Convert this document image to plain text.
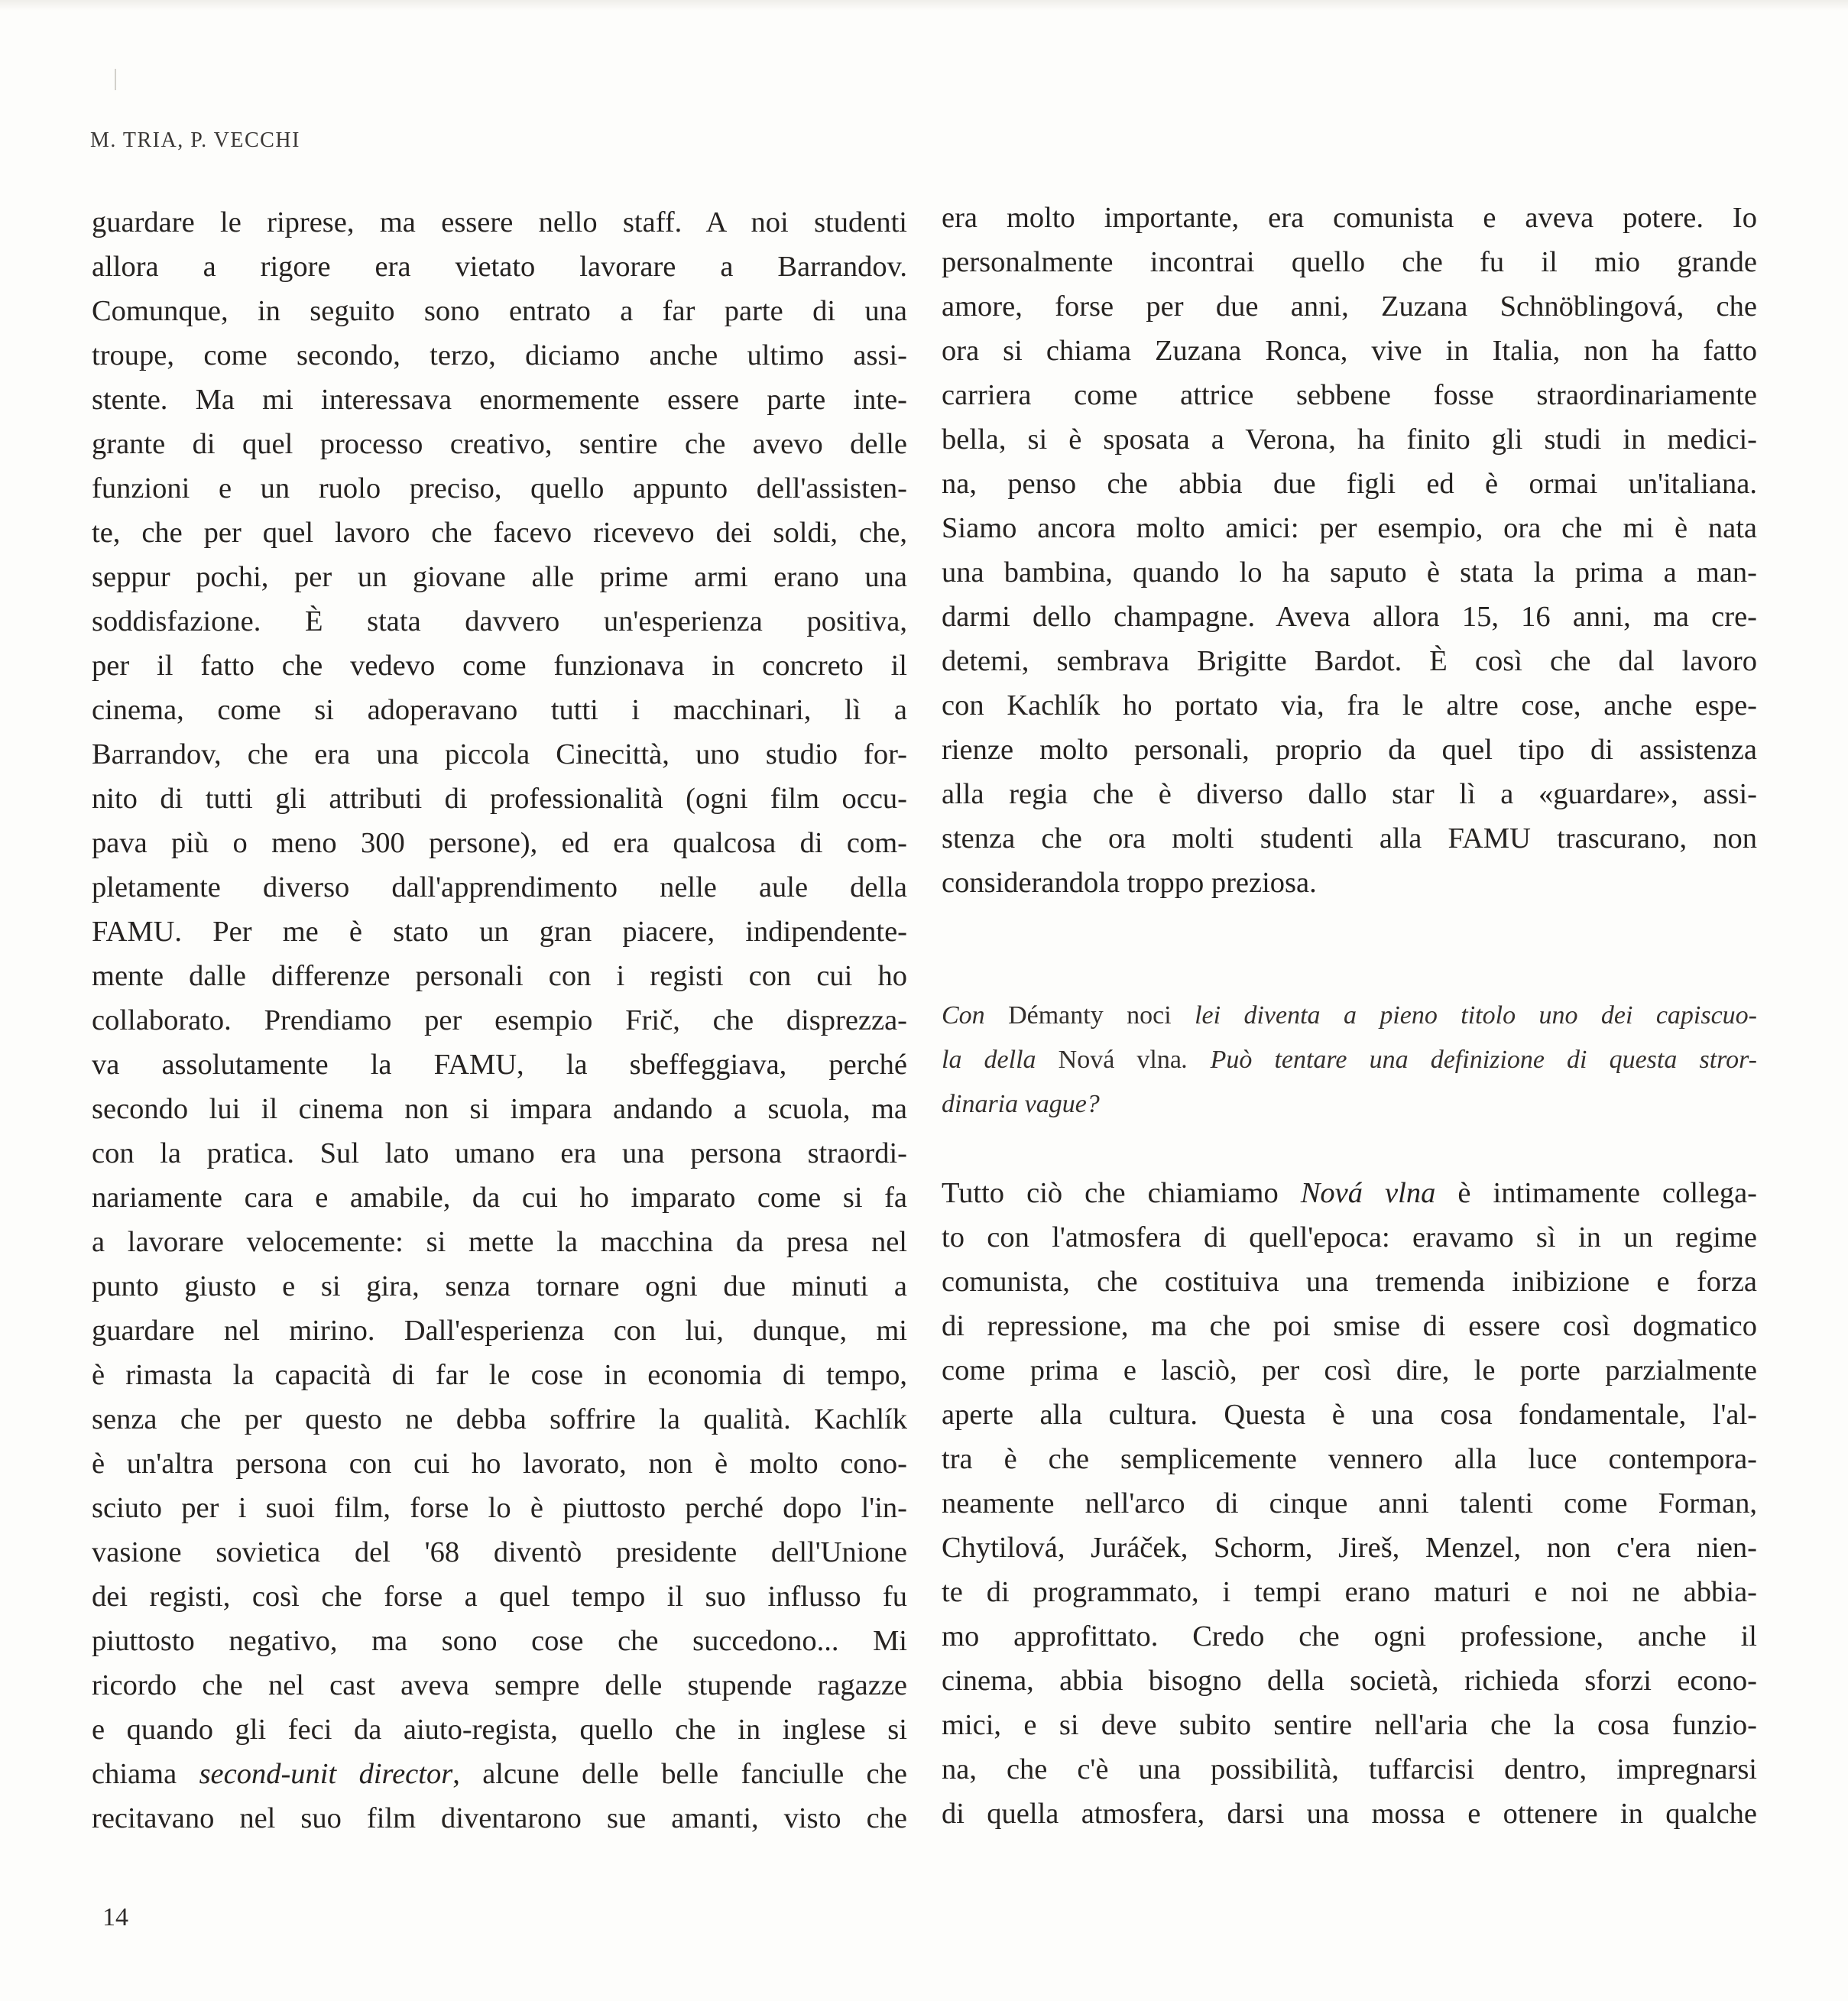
M. TRIA, P. VECCHI
guardare le riprese, ma essere nello staff. A noi studenti
allora a rigore era vietato lavorare a Barrandov.
Comunque, in seguito sono entrato a far parte di una
troupe, come secondo, terzo, diciamo anche ultimo assi-
stente. Ma mi interessava enormemente essere parte inte-
grante di quel processo creativo, sentire che avevo delle
funzioni e un ruolo preciso, quello appunto dell'assisten-
te, che per quel lavoro che facevo ricevevo dei soldi, che,
seppur pochi, per un giovane alle prime armi erano una
soddisfazione. È stata davvero un'esperienza positiva,
per il fatto che vedevo come funzionava in concreto il
cinema, come si adoperavano tutti i macchinari, lì a
Barrandov, che era una piccola Cinecittà, uno studio for-
nito di tutti gli attributi di professionalità (ogni film occu-
pava più o meno 300 persone), ed era qualcosa di com-
pletamente diverso dall'apprendimento nelle aule della
FAMU. Per me è stato un gran piacere, indipendente-
mente dalle differenze personali con i registi con cui ho
collaborato. Prendiamo per esempio Frič, che disprezza-
va assolutamente la FAMU, la sbeffeggiava, perché
secondo lui il cinema non si impara andando a scuola, ma
con la pratica. Sul lato umano era una persona straordi-
nariamente cara e amabile, da cui ho imparato come si fa
a lavorare velocemente: si mette la macchina da presa nel
punto giusto e si gira, senza tornare ogni due minuti a
guardare nel mirino. Dall'esperienza con lui, dunque, mi
è rimasta la capacità di far le cose in economia di tempo,
senza che per questo ne debba soffrire la qualità. Kachlík
è un'altra persona con cui ho lavorato, non è molto cono-
sciuto per i suoi film, forse lo è piuttosto perché dopo l'in-
vasione sovietica del '68 diventò presidente dell'Unione
dei registi, così che forse a quel tempo il suo influsso fu
piuttosto negativo, ma sono cose che succedono... Mi
ricordo che nel cast aveva sempre delle stupende ragazze
e quando gli feci da aiuto-regista, quello che in inglese si
chiama second-unit director, alcune delle belle fanciulle che
recitavano nel suo film diventarono sue amanti, visto che
era molto importante, era comunista e aveva potere. Io
personalmente incontrai quello che fu il mio grande
amore, forse per due anni, Zuzana Schnöblingová, che
ora si chiama Zuzana Ronca, vive in Italia, non ha fatto
carriera come attrice sebbene fosse straordinariamente
bella, si è sposata a Verona, ha finito gli studi in medici-
na, penso che abbia due figli ed è ormai un'italiana.
Siamo ancora molto amici: per esempio, ora che mi è nata
una bambina, quando lo ha saputo è stata la prima a man-
darmi dello champagne. Aveva allora 15, 16 anni, ma cre-
detemi, sembrava Brigitte Bardot. È così che dal lavoro
con Kachlík ho portato via, fra le altre cose, anche espe-
rienze molto personali, proprio da quel tipo di assistenza
alla regia che è diverso dallo star lì a «guardare», assi-
stenza che ora molti studenti alla FAMU trascurano, non
considerandola troppo preziosa.
Con Démanty noci lei diventa a pieno titolo uno dei capiscuo-
la della Nová vlna. Può tentare una definizione di questa stror-
dinaria vague?
Tutto ciò che chiamiamo Nová vlna è intimamente collega-
to con l'atmosfera di quell'epoca: eravamo sì in un regime
comunista, che costituiva una tremenda inibizione e forza
di repressione, ma che poi smise di essere così dogmatico
come prima e lasciò, per così dire, le porte parzialmente
aperte alla cultura. Questa è una cosa fondamentale, l'al-
tra è che semplicemente vennero alla luce contempora-
neamente nell'arco di cinque anni talenti come Forman,
Chytilová, Juráček, Schorm, Jireš, Menzel, non c'era nien-
te di programmato, i tempi erano maturi e noi ne abbia-
mo approfittato. Credo che ogni professione, anche il
cinema, abbia bisogno della società, richieda sforzi econo-
mici, e si deve subito sentire nell'aria che la cosa funzio-
na, che c'è una possibilità, tuffarcisi dentro, impregnarsi
di quella atmosfera, darsi una mossa e ottenere in qualche
14
